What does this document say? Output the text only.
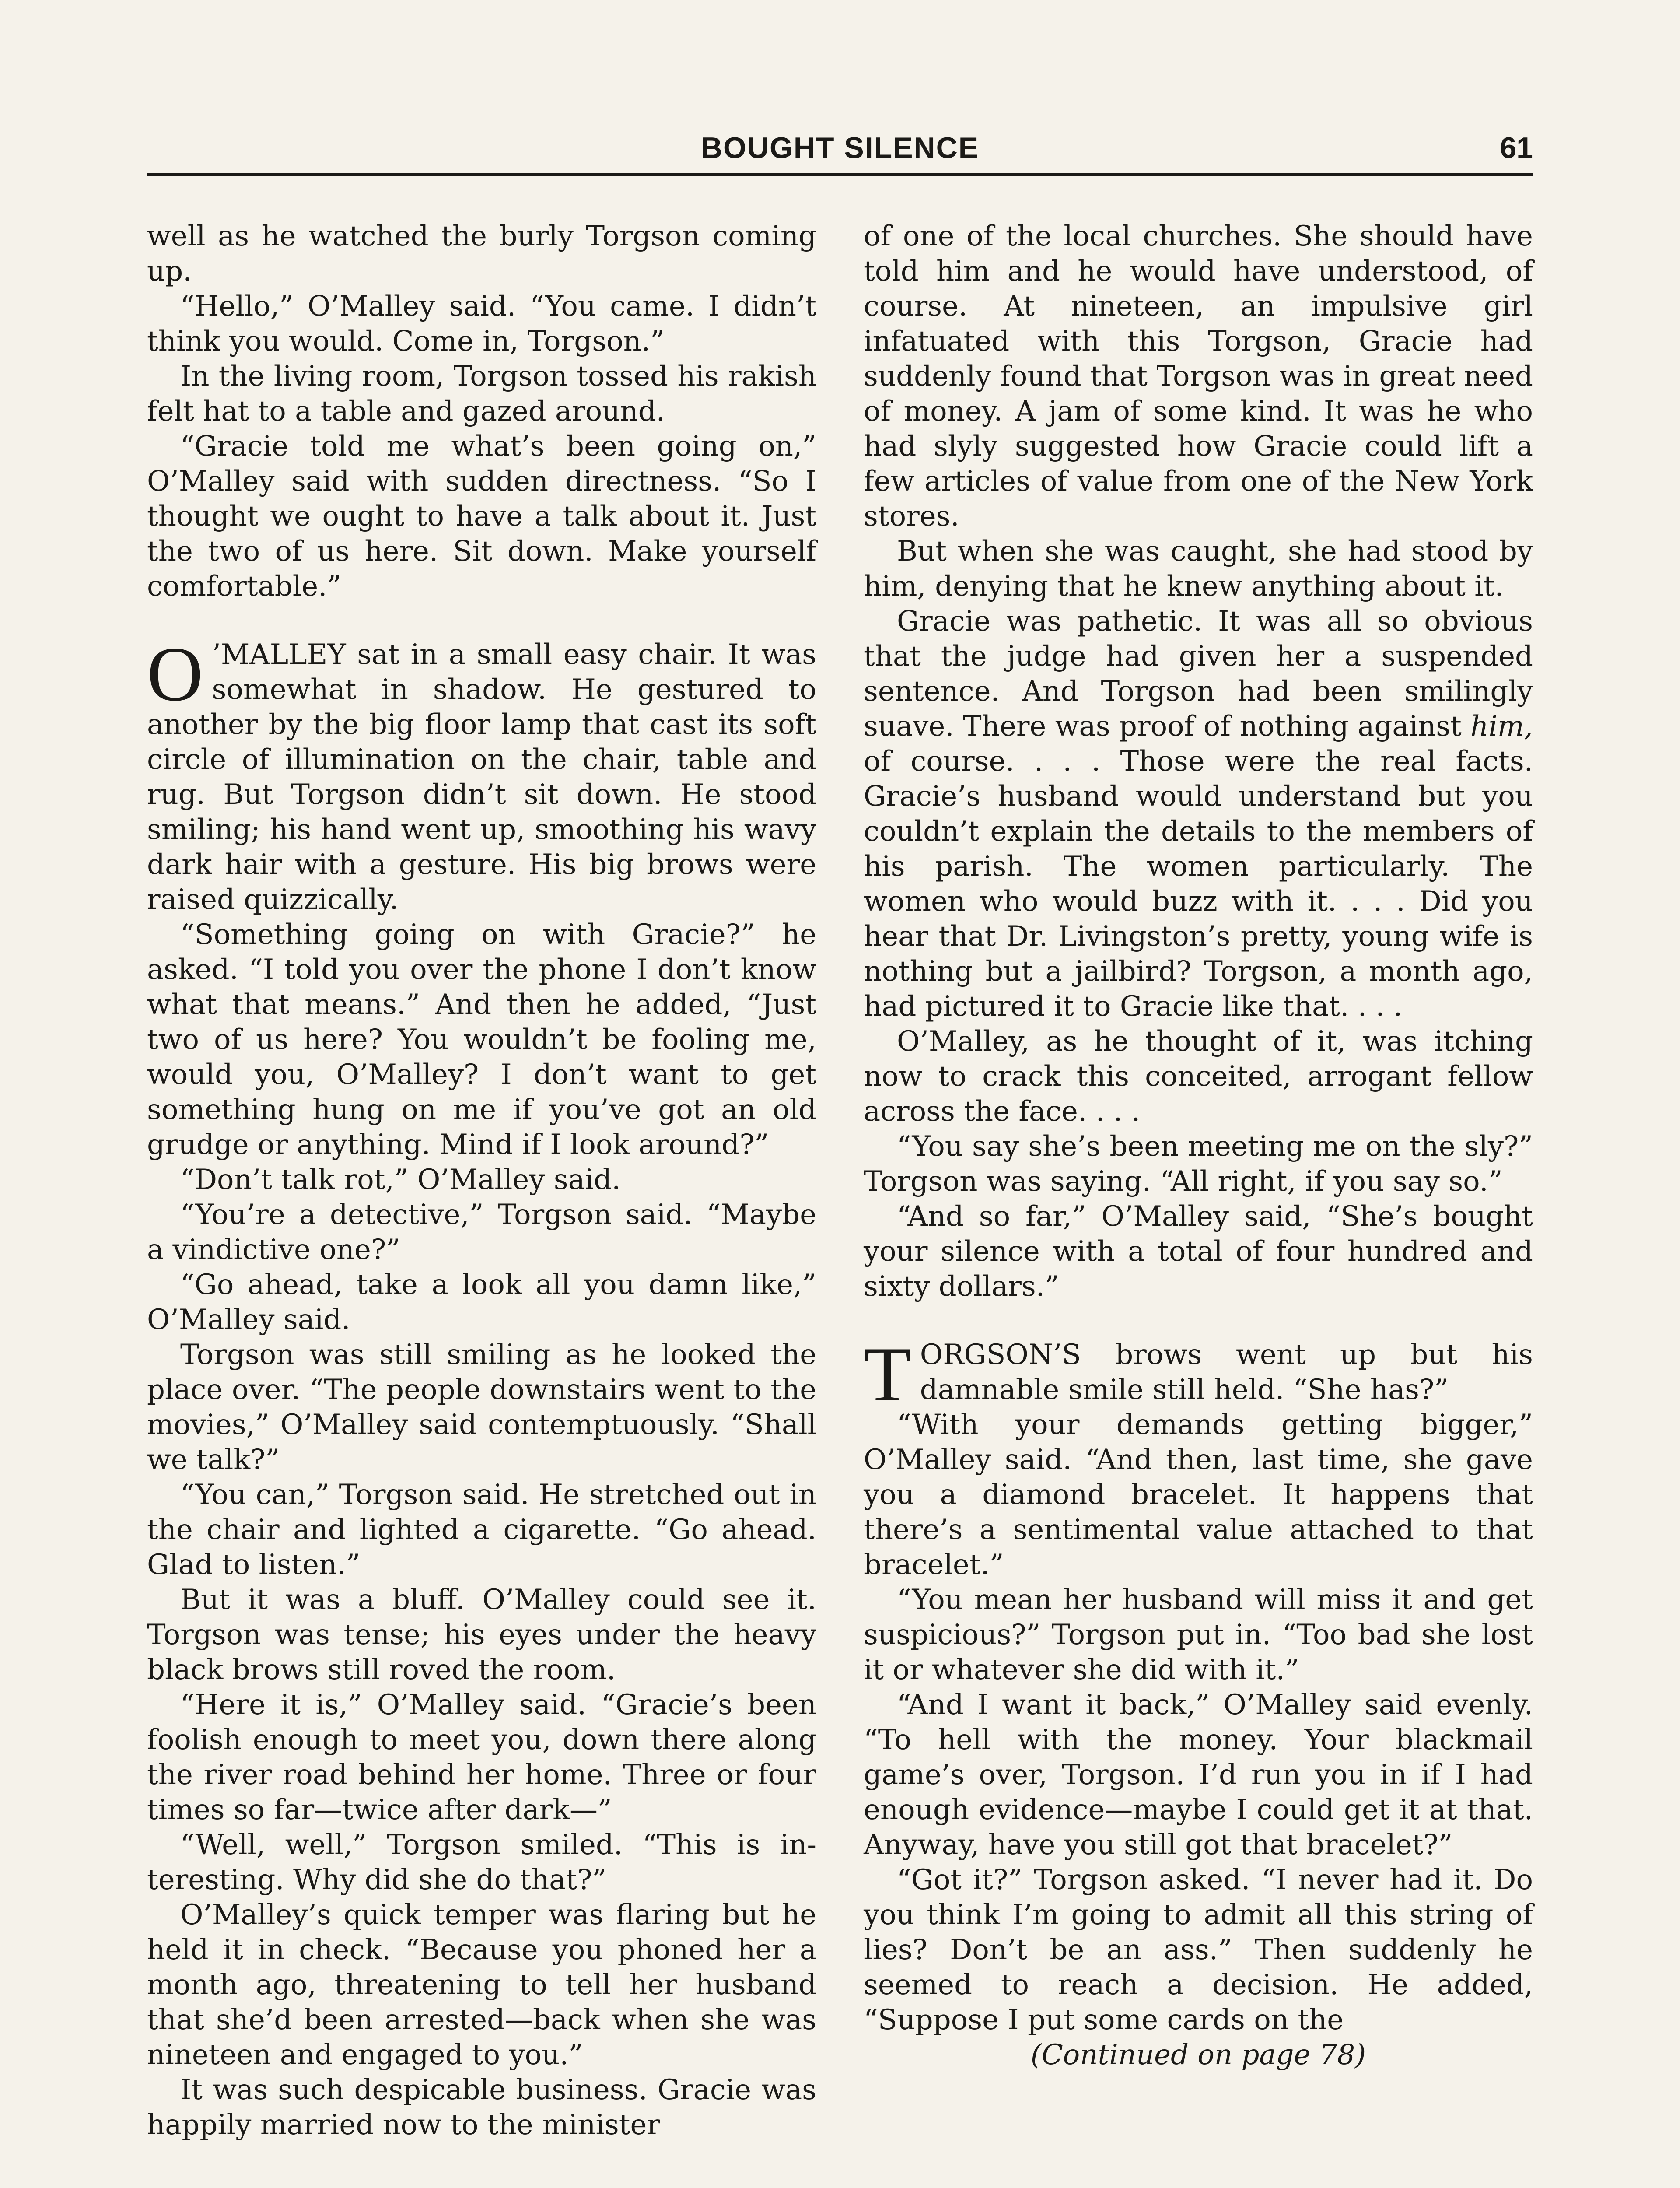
BOUGHT SILENCE	61

well as he watched the burly Torgson coming up.

“Hello,” O’Malley said. “You came. I didn’t think you would. Come in, Torgson.”

In the living room, Torgson tossed his rakish felt hat to a table and gazed around.

“Gracie told me what’s been going on,” O’Malley said with sudden directness. “So I thought we ought to have a talk about it. Just the two of us here. Sit down. Make yourself comfortable.”

O ’MALLEY sat in a small easy chair. It was somewhat in shadow. He gestured to another by the big floor lamp that cast its soft circle of illumination on the chair, table and rug. But Torgson didn’t sit down. He stood smiling; his hand went up, smoothing his wavy dark hair with a gesture. His big brows were raised quizzically.

“Something going on with Gracie?” he asked. “I told you over the phone I don’t know what that means.” And then he added, “Just two of us here? You wouldn’t be fooling me, would you, O’Malley? I don’t want to get something hung on me if you’ve got an old grudge or anything. Mind if I look around?”

“Don’t talk rot,” O’Malley said.

“You’re a detective,” Torgson said. “Maybe a vindictive one?”

“Go ahead, take a look all you damn like,” O’Malley said.

Torgson was still smiling as he looked the place over. “The people downstairs went to the movies,” O’Malley said contemptuously. “Shall we talk?”

“You can,” Torgson said. He stretched out in the chair and lighted a cigarette. “Go ahead. Glad to listen.”

But it was a bluff. O’Malley could see it. Torgson was tense; his eyes under the heavy black brows still roved the room.

“Here it is,” O’Malley said. “Gracie’s been foolish enough to meet you, down there along the river road behind her home. Three or four times so far—twice after dark—”

“Well, well,” Torgson smiled. “This is interesting. Why did she do that?”

O’Malley’s quick temper was flaring but he held it in check. “Because you phoned her a month ago, threatening to tell her husband that she’d been arrested—back when she was nineteen and engaged to you.”

It was such despicable business. Gracie was happily married now to the minister

of one of the local churches. She should have told him and he would have understood, of course. At nineteen, an impulsive girl infatuated with this Torgson, Gracie had suddenly found that Torgson was in great need of money. A jam of some kind. It was he who had slyly suggested how Gracie could lift a few articles of value from one of the New York stores.

But when she was caught, she had stood by him, denying that he knew anything about it.

Gracie was pathetic. It was all so obvious that the judge had given her a suspended sentence. And Torgson had been smilingly suave. There was proof of nothing against him, of course. . . . Those were the real facts. Gracie’s husband would understand but you couldn’t explain the details to the members of his parish. The women particularly. The women who would buzz with it. . . . Did you hear that Dr. Livingston’s pretty, young wife is nothing but a jailbird? Torgson, a month ago, had pictured it to Gracie like that. . . .

O’Malley, as he thought of it, was itching now to crack this conceited, arrogant fellow across the face. . . .

“You say she’s been meeting me on the sly?” Torgson was saying. “All right, if you say so.”

“And so far,” O’Malley said, “She’s bought your silence with a total of four hundred and sixty dollars.”

TORGSON’S brows went up but his damnable smile still held. “She has?”

“With your demands getting bigger,” O’Malley said. “And then, last time, she gave you a diamond bracelet. It happens that there’s a sentimental value attached to that bracelet.”

“You mean her husband will miss it and get suspicious?” Torgson put in. “Too bad she lost it or whatever she did with it.”

“And I want it back,” O’Malley said evenly. “To hell with the money. Your blackmail game’s over, Torgson. I’d run you in if I had enough evidence—maybe I could get it at that. Anyway, have you still got that bracelet?”

“Got it?” Torgson asked. “I never had it. Do you think I’m going to admit all this string of lies? Don’t be an ass.” Then suddenly he seemed to reach a decision. He added, “Suppose I put some cards on the

(Continued on page 78)
